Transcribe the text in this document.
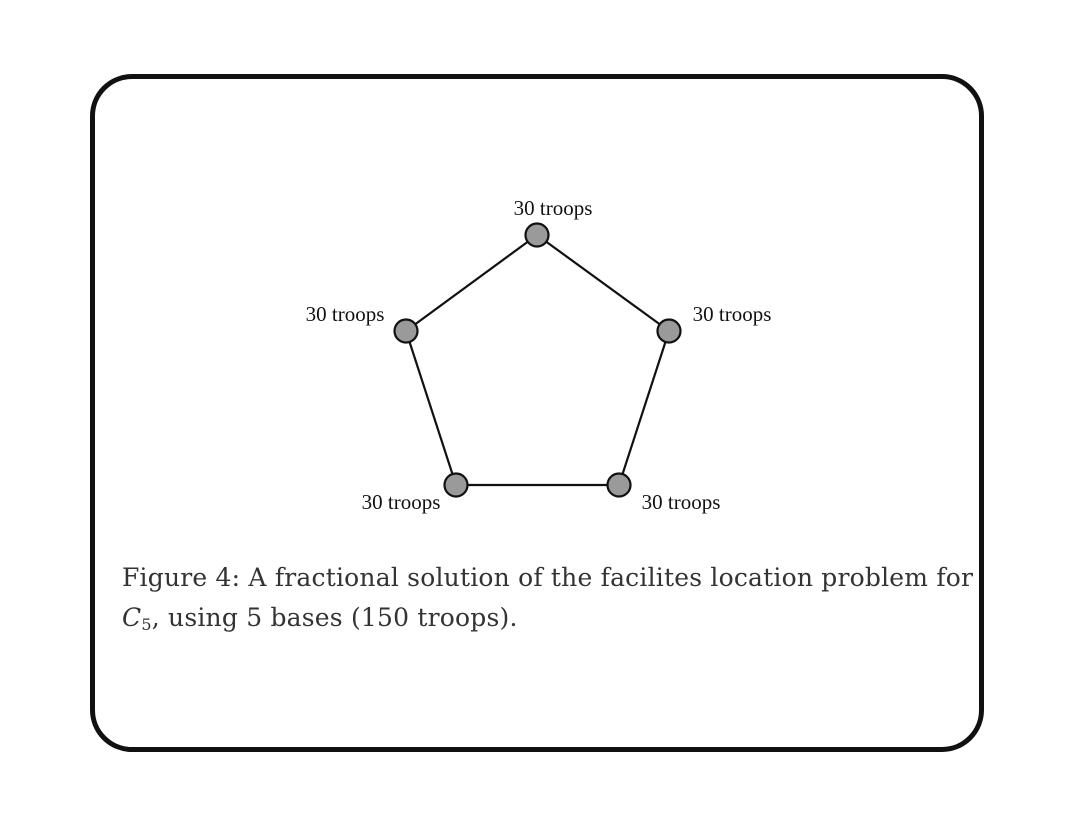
30 troops
30 troops	30 troops
30 troops	30 troops
Figure 4: A fractional solution of the facilites location problem for
$C_5$, using 5 bases (150 troops).
